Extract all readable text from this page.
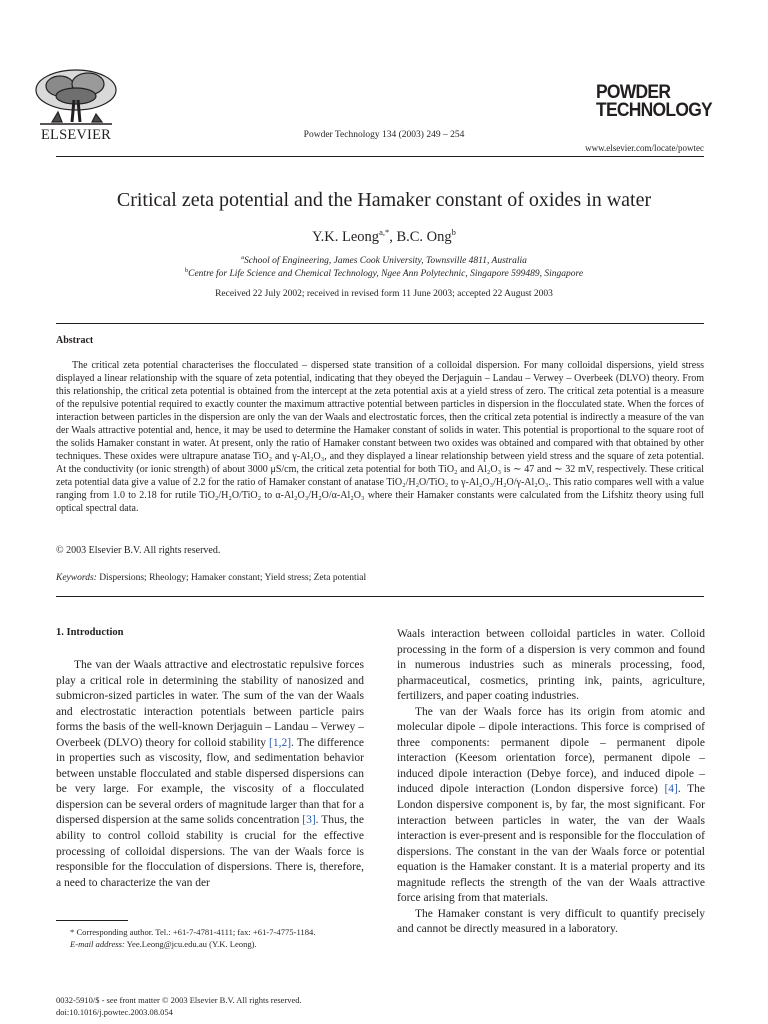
ELSEVIER	Powder Technology 134 (2003) 249 – 254
POWDER
TECHNOLOGY
www.elsevier.com/locate/powtec
Critical zeta potential and the Hamaker constant of oxides in water
Y.K. Leong$^{a,*}$, B.C. Ong$^b$
$^a$School of Engineering, James Cook University, Townsville 4811, Australia
$^b$Centre for Life Science and Chemical Technology, Ngee Ann Polytechnic, Singapore 599489, Singapore
Received 22 July 2002; received in revised form 11 June 2003; accepted 22 August 2003
Abstract
The critical zeta potential characterises the flocculated – dispersed state transition of a colloidal dispersion. For many colloidal dispersions, yield stress displayed a linear relationship with the square of zeta potential, indicating that they obeyed the Derjaguin – Landau – Verwey – Overbeek (DLVO) theory. From this relationship, the critical zeta potential is obtained from the intercept at the zeta potential axis at a yield stress of zero. The critical zeta potential is a measure of the repulsive potential required to exactly counter the maximum attractive potential between particles in dispersion in the flocculated state. When the forces of interaction between particles in the dispersion are only the van der Waals and electrostatic forces, then the critical zeta potential is indirectly a measure of the van der Waals attractive potential and, hence, it may be used to determine the Hamaker constant of solids in water. This potential is proportional to the square root of the solids Hamaker constant in water. At present, only the ratio of Hamaker constant between two oxides was obtained and compared with that obtained by other techniques. These oxides were ultrapure anatase TiO₂ and γ-Al₂O₃, and they displayed a linear relationship between yield stress and the square of zeta potential. At the conductivity (or ionic strength) of about 3000 μS/cm, the critical zeta potential for both TiO₂ and Al₂O₃ is ∼ 47 and ∼ 32 mV, respectively. These critical zeta potential data give a value of 2.2 for the ratio of Hamaker constant of anatase TiO₂/H₂O/TiO₂ to γ-Al₂O₃/H₂O/γ-Al₂O₃. This ratio compares well with a value ranging from 1.0 to 2.18 for rutile TiO₂/H₂O/TiO₂ to α-Al₂O₃/H₂O/α-Al₂O₃ where their Hamaker constants were calculated from the Lifshitz theory using full optical spectral data.
© 2003 Elsevier B.V. All rights reserved.
Keywords: Dispersions; Rheology; Hamaker constant; Yield stress; Zeta potential
1. Introduction

The van der Waals attractive and electrostatic repulsive forces play a critical role in determining the stability of nanosized and submicron-sized particles in water. The sum of the van der Waals and electrostatic interaction potentials between particle pairs forms the basis of the well-known Derjaguin – Landau – Verwey – Overbeek (DLVO) theory for colloid stability [1,2]. The difference in properties such as viscosity, flow, and sedimentation behavior between unstable flocculated and stable dispersed dispersions can be very large. For example, the viscosity of a flocculated dispersion can be several orders of magnitude larger than that for a dispersed dispersion at the same solids concentration [3]. Thus, the ability to control colloid stability is crucial for the effective processing of colloidal dispersions. The van der Waals force is responsible for the flocculation of dispersions. There is, therefore, a need to characterize the van der

Waals interaction between colloidal particles in water. Colloid processing in the form of a dispersion is very common and found in numerous industries such as minerals processing, food, pharmaceutical, cosmetics, printing ink, paints, agriculture, fertilizers, and paper coating industries.

The van der Waals force has its origin from atomic and molecular dipole – dipole interactions. This force is comprised of three components: permanent dipole – permanent dipole interaction (Keesom orientation force), permanent dipole – induced dipole interaction (Debye force), and induced dipole – induced dipole interaction (London dispersive force) [4]. The London dispersive component is, by far, the most significant. For interaction between particles in water, the van der Waals interaction is ever-present and is responsible for the flocculation of dispersions. The constant in the van der Waals force or potential equation is the Hamaker constant. It is a material property and its magnitude reflects the strength of the van der Waals attractive force arising from that materials.

The Hamaker constant is very difficult to quantify precisely and cannot be directly measured in a laboratory.

* Corresponding author. Tel.: +61-7-4781-4111; fax: +61-7-4775-1184.
E-mail address: Yee.Leong@jcu.edu.au (Y.K. Leong).
0032-5910/$ - see front matter © 2003 Elsevier B.V. All rights reserved.
doi:10.1016/j.powtec.2003.08.054
